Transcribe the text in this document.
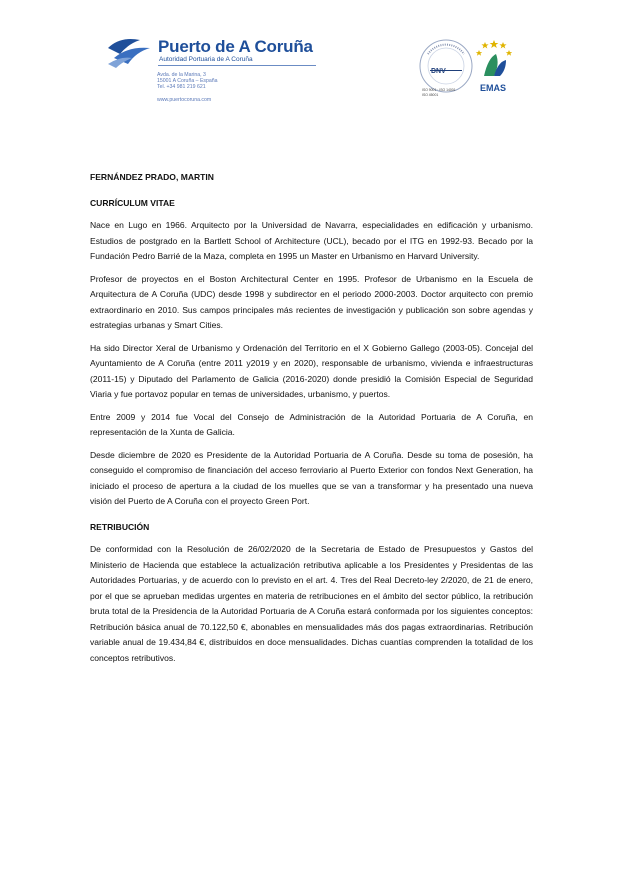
Puerto de A Coruña
Autoridad Portuaria de A Coruña
Avda. de la Marina, 3
15001 A Coruña – España
Tel. +34 981 219 621
www.puertocoruna.com
DNV
ISO 9001 · ISO 14001
ISO 45001
EMAS

FERNÁNDEZ PRADO, MARTIN

CURRÍCULUM VITAE

Nace en Lugo en 1966. Arquitecto por la Universidad de Navarra, especialidades en edificación y urbanismo. Estudios de postgrado en la Bartlett School of Architecture (UCL), becado por el ITG en 1992-93. Becado por la Fundación Pedro Barrié de la Maza, completa en 1995 un Master en Urbanismo en Harvard University.

Profesor de proyectos en el Boston Architectural Center en 1995. Profesor de Urbanismo en la Escuela de Arquitectura de A Coruña (UDC) desde 1998 y subdirector en el periodo 2000-2003. Doctor arquitecto con premio extraordinario en 2010. Sus campos principales más recientes de investigación y publicación son sobre agendas y estrategias urbanas y Smart Cities.

Ha sido Director Xeral de Urbanismo y Ordenación del Territorio en el X Gobierno Gallego (2003-05). Concejal del Ayuntamiento de A Coruña (entre 2011 y2019 y en 2020), responsable de urbanismo, vivienda e infraestructuras (2011-15) y Diputado del Parlamento de Galicia (2016-2020) donde presidió la Comisión Especial de Seguridad Viaria y fue portavoz popular en temas de universidades, urbanismo, y puertos.

Entre 2009 y 2014 fue Vocal del Consejo de Administración de la Autoridad Portuaria de A Coruña, en representación de la Xunta de Galicia.

Desde diciembre de 2020 es Presidente de la Autoridad Portuaria de A Coruña. Desde su toma de posesión, ha conseguido el compromiso de financiación del acceso ferroviario al Puerto Exterior con fondos Next Generation, ha iniciado el proceso de apertura a la ciudad de los muelles que se van a transformar y ha presentado una nueva visión del Puerto de A Coruña con el proyecto Green Port.

RETRIBUCIÓN

De conformidad con la Resolución de 26/02/2020 de la Secretaria de Estado de Presupuestos y Gastos del Ministerio de Hacienda que establece la actualización retributiva aplicable a los Presidentes y Presidentas de las Autoridades Portuarias, y de acuerdo con lo previsto en el art. 4. Tres del Real Decreto-ley 2/2020, de 21 de enero, por el que se aprueban medidas urgentes en materia de retribuciones en el ámbito del sector público, la retribución bruta total de la Presidencia de la Autoridad Portuaria de A Coruña estará conformada por los siguientes conceptos: Retribución básica anual de 70.122,50 €, abonables en mensualidades más dos pagas extraordinarias. Retribución variable anual de 19.434,84 €, distribuidos en doce mensualidades. Dichas cuantías comprenden la totalidad de los conceptos retributivos.
